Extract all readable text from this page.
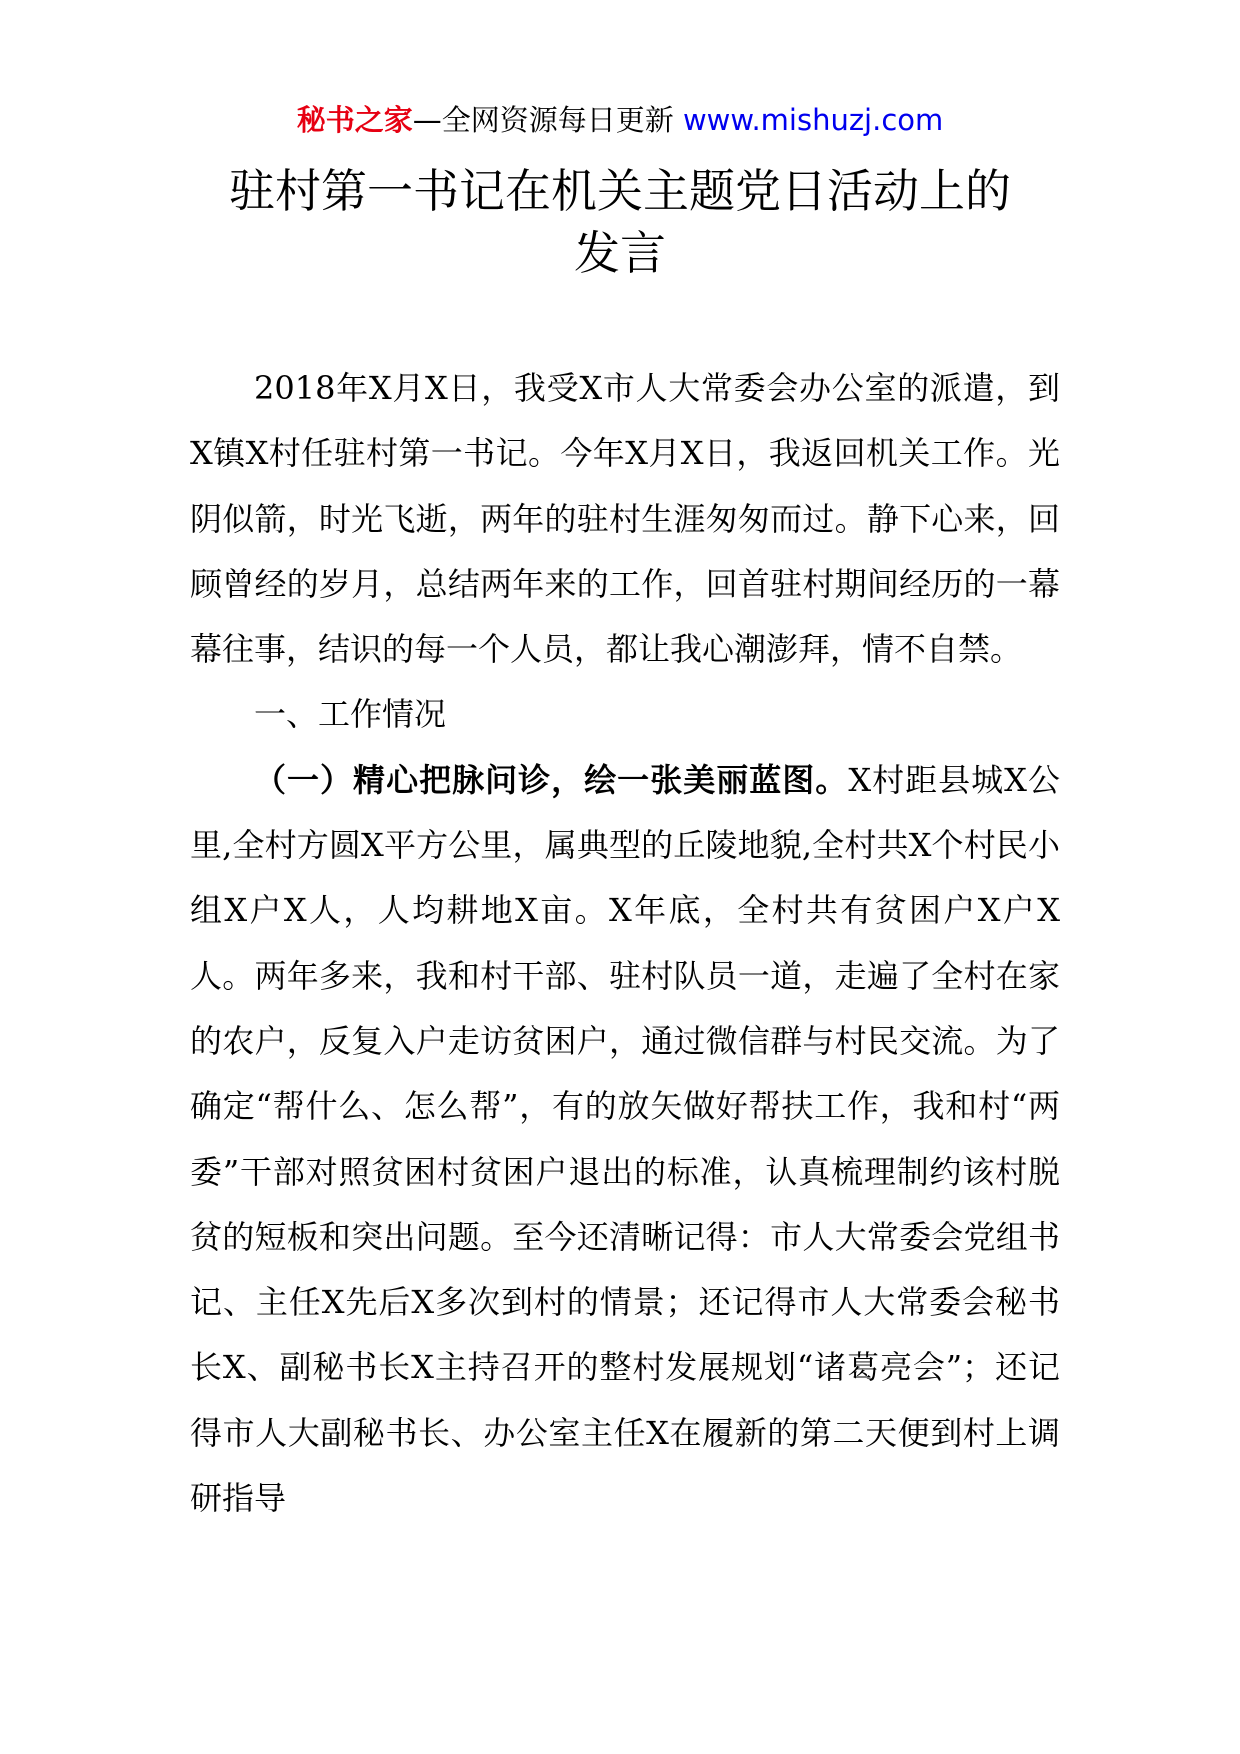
秘书之家—全网资源每日更新 www.mishuzj.com
驻村第一书记在机关主题党日活动上的
发言

2018年X月X日，我受X市人大常委会办公室的派遣，到X镇X村任驻村第一书记。今年X月X日，我返回机关工作。光阴似箭，时光飞逝，两年的驻村生涯匆匆而过。静下心来，回顾曾经的岁月，总结两年来的工作，回首驻村期间经历的一幕幕往事，结识的每一个人员，都让我心潮澎拜，情不自禁。

一、工作情况

（一）精心把脉问诊，绘一张美丽蓝图。X村距县城X公里,全村方圆X平方公里，属典型的丘陵地貌,全村共X个村民小组X户X人，人均耕地X亩。X年底，全村共有贫困户X户X人。两年多来，我和村干部、驻村队员一道，走遍了全村在家的农户，反复入户走访贫困户，通过微信群与村民交流。为了确定“帮什么、怎么帮”，有的放矢做好帮扶工作，我和村“两委”干部对照贫困村贫困户退出的标准，认真梳理制约该村脱贫的短板和突出问题。至今还清晰记得：市人大常委会党组书记、主任X先后X多次到村的情景；还记得市人大常委会秘书长X、副秘书长X主持召开的整村发展规划“诸葛亮会”；还记得市人大副秘书长、办公室主任X在履新的第二天便到村上调研指导
